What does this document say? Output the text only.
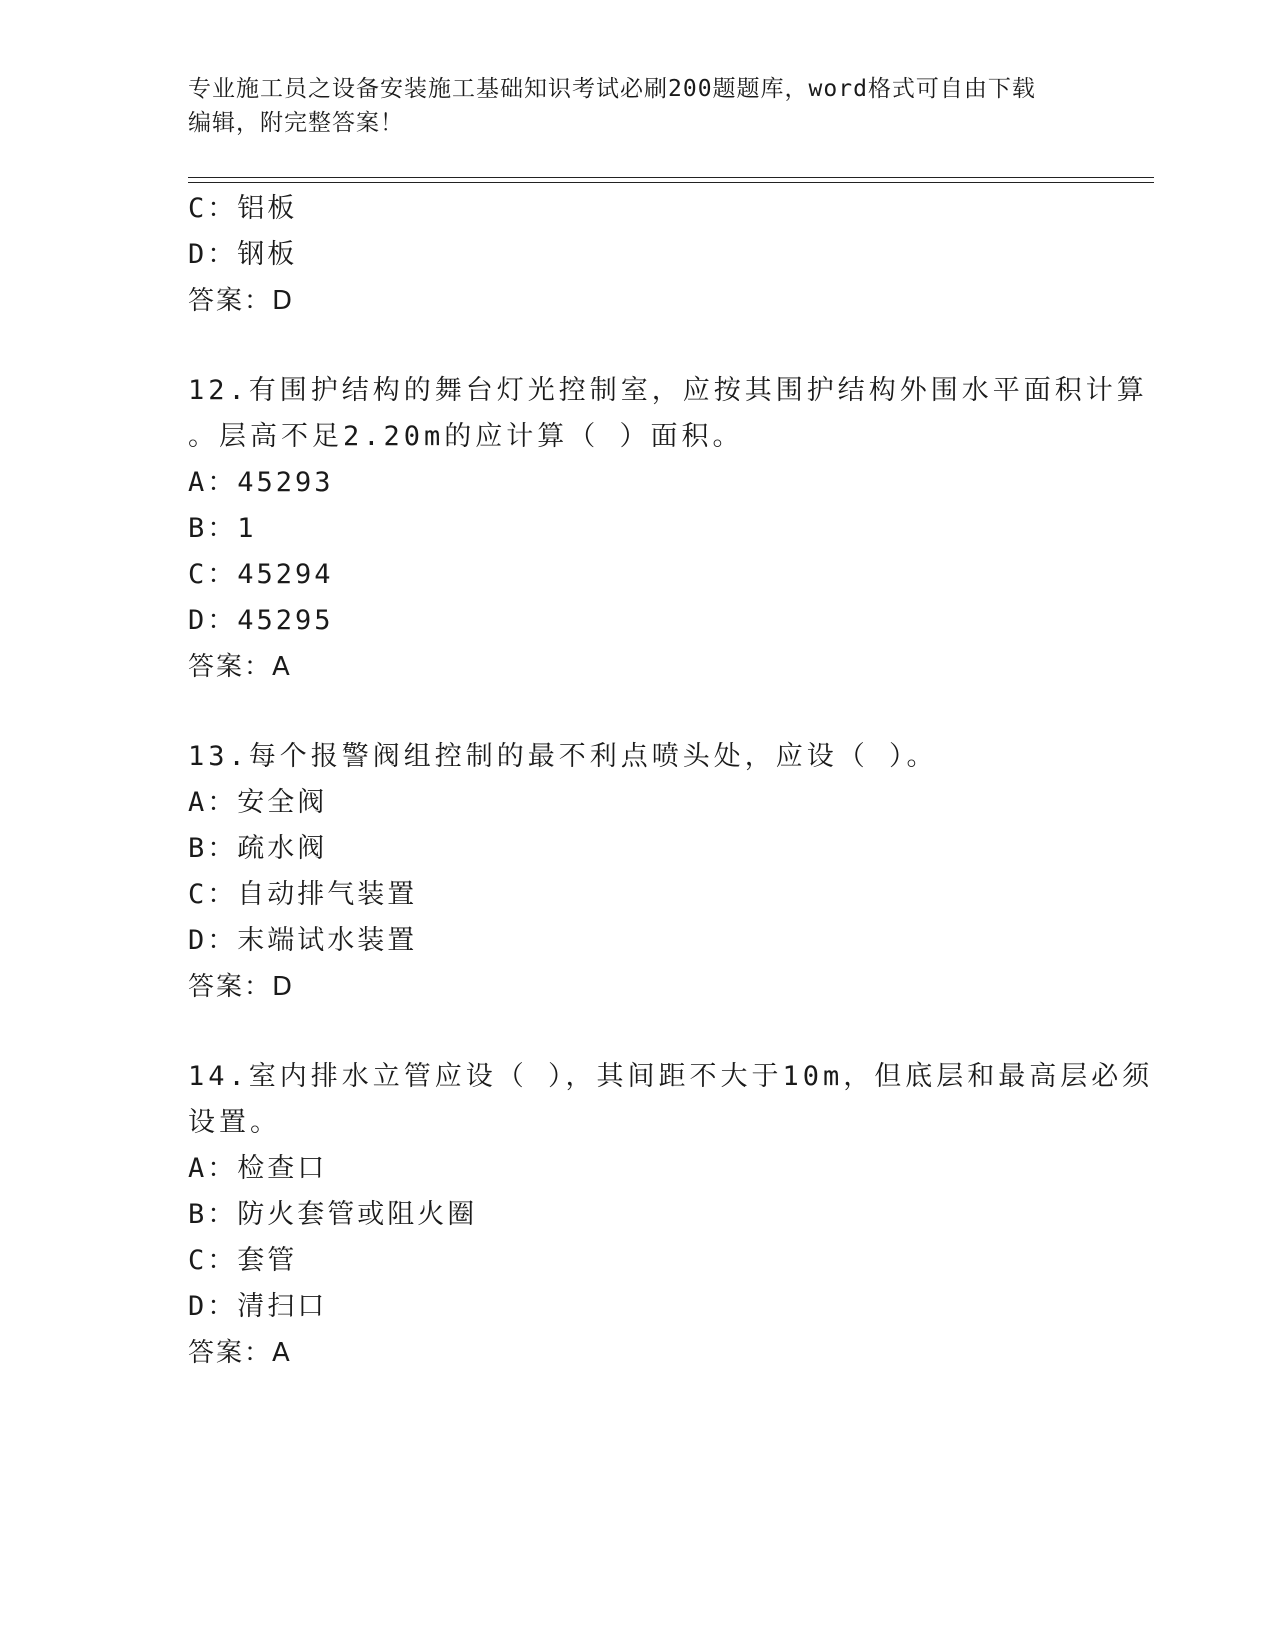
专业施工员之设备安装施工基础知识考试必刷200题题库，word格式可自由下载
编辑，附完整答案！
C：铝板
D：钢板
答案：D
12.有围护结构的舞台灯光控制室，应按其围护结构外围水平面积计算
。层高不足2.20m的应计算（ ）面积。
A：45293
B：1
C：45294
D：45295
答案：A
13.每个报警阀组控制的最不利点喷头处，应设（ ）。
A：安全阀
B：疏水阀
C：自动排气装置
D：末端试水装置
答案：D
14.室内排水立管应设（ ），其间距不大于10m，但底层和最高层必须
设置。
A：检查口
B：防火套管或阻火圈
C：套管
D：清扫口
答案：A
